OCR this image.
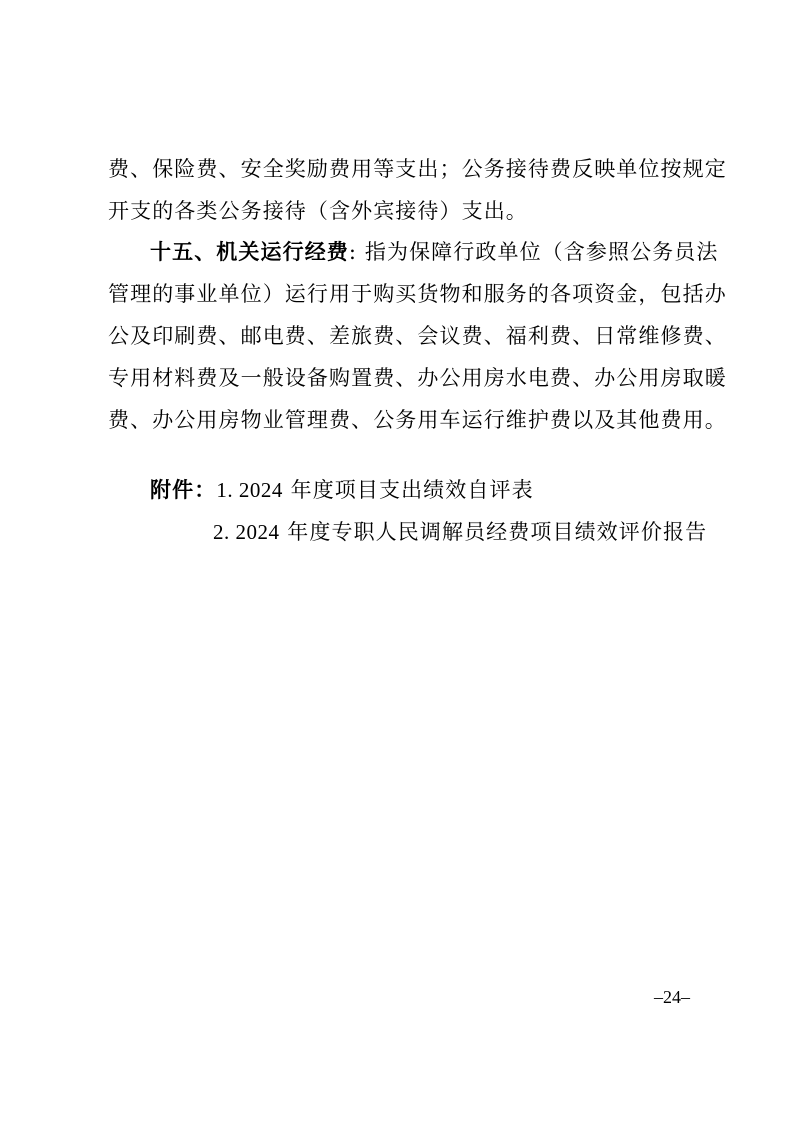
费、保险费、安全奖励费用等支出；公务接待费反映单位按规定
开支的各类公务接待（含外宾接待）支出。
十五、机关运行经费: 指为保障行政单位（含参照公务员法
管理的事业单位）运行用于购买货物和服务的各项资金，包括办
公及印刷费、邮电费、差旅费、会议费、福利费、日常维修费、
专用材料费及一般设备购置费、办公用房水电费、办公用房取暖
费、办公用房物业管理费、公务用车运行维护费以及其他费用。
附件：1. 2024 年度项目支出绩效自评表
2. 2024 年度专职人民调解员经费项目绩效评价报告
–24–
